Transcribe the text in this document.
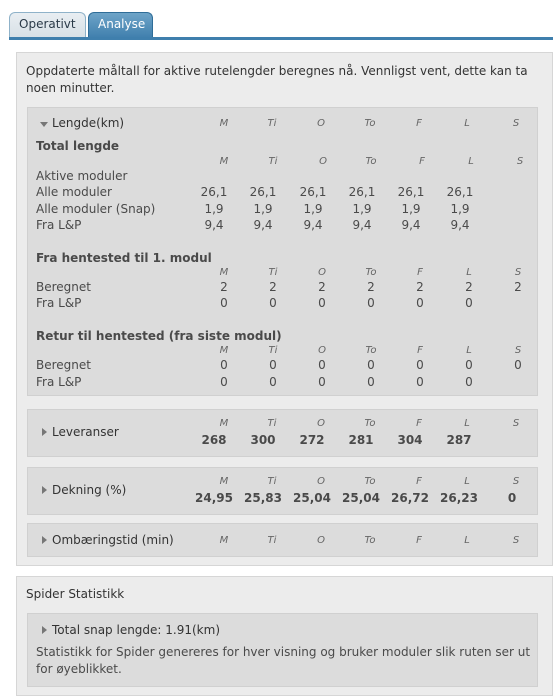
Operativt	Analyse
Oppdaterte måltall for aktive rutelengder beregnes nå. Vennligst vent, dette kan ta noen minutter.
Lengde(km)	M	Ti	O	To	F	L	S
Total lengde
M	Ti	O	To	F	L	S
Aktive moduler
Alle moduler	26,1	26,1	26,1	26,1	26,1	26,1
Alle moduler (Snap)	1,9	1,9	1,9	1,9	1,9	1,9
Fra L&P	9,4	9,4	9,4	9,4	9,4	9,4
Fra hentested til 1. modul
M	Ti	O	To	F	L	S
Beregnet	2	2	2	2	2	2	2
Fra L&P	0	0	0	0	0	0
Retur til hentested (fra siste modul)
M	Ti	O	To	F	L	S
Beregnet	0	0	0	0	0	0	0
Fra L&P	0	0	0	0	0	0
Leveranser
M	Ti	O	To	F	L	S
268	300	272	281	304	287
Dekning (%)
M	Ti	O	To	F	L	S
24,95 25,83 25,04 25,04 26,72 26,23	0
Ombæringstid (min)	M	Ti	O	To	F	L	S
Spider Statistikk
Total snap lengde: 1.91(km)
Statistikk for Spider genereres for hver visning og bruker moduler slik ruten ser ut for øyeblikket.
